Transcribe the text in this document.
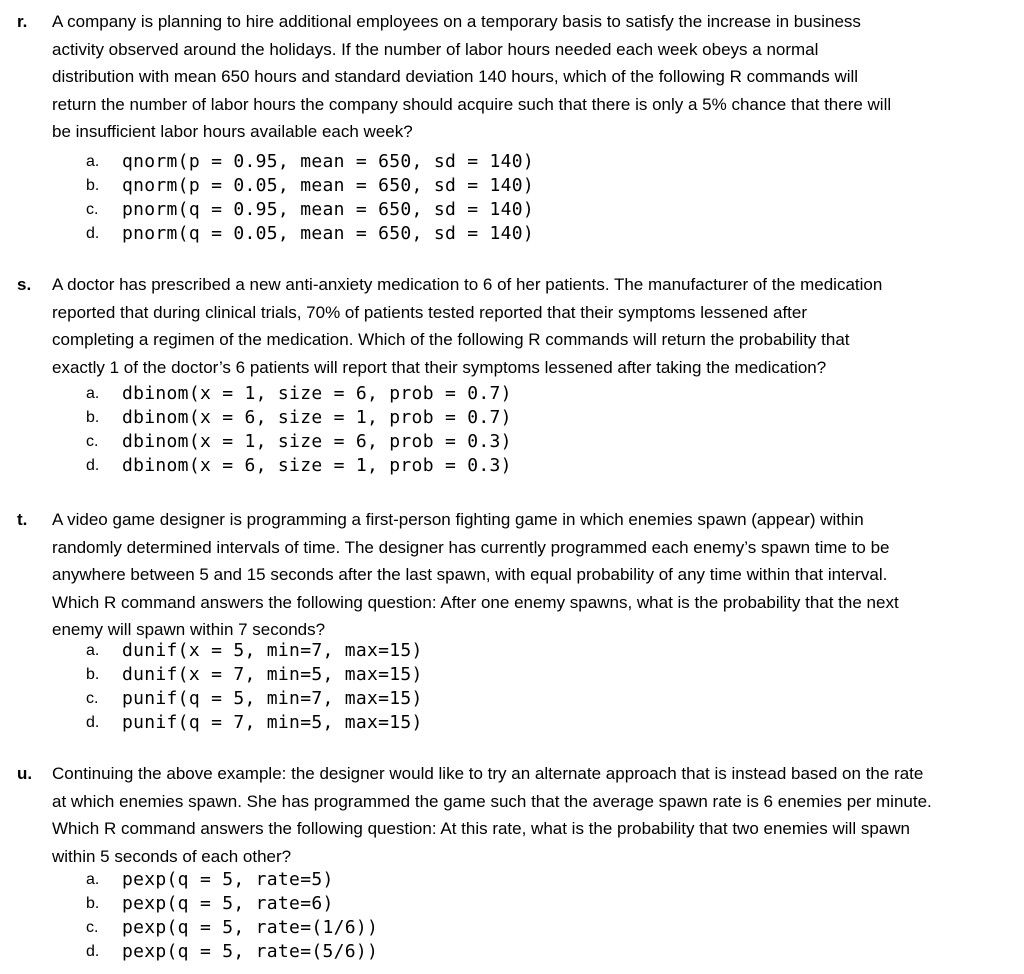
r. A company is planning to hire additional employees on a temporary basis to satisfy the increase in business
activity observed around the holidays. If the number of labor hours needed each week obeys a normal
distribution with mean 650 hours and standard deviation 140 hours, which of the following R commands will
return the number of labor hours the company should acquire such that there is only a 5% chance that there will
be insufficient labor hours available each week?
a. qnorm(p = 0.95, mean = 650, sd = 140)
b. qnorm(p = 0.05, mean = 650, sd = 140)
c. pnorm(q = 0.95, mean = 650, sd = 140)
d. pnorm(q = 0.05, mean = 650, sd = 140)
s. A doctor has prescribed a new anti-anxiety medication to 6 of her patients. The manufacturer of the medication
reported that during clinical trials, 70% of patients tested reported that their symptoms lessened after
completing a regimen of the medication. Which of the following R commands will return the probability that
exactly 1 of the doctor’s 6 patients will report that their symptoms lessened after taking the medication?
a. dbinom(x = 1, size = 6, prob = 0.7)
b. dbinom(x = 6, size = 1, prob = 0.7)
c. dbinom(x = 1, size = 6, prob = 0.3)
d. dbinom(x = 6, size = 1, prob = 0.3)
t. A video game designer is programming a first-person fighting game in which enemies spawn (appear) within
randomly determined intervals of time. The designer has currently programmed each enemy’s spawn time to be
anywhere between 5 and 15 seconds after the last spawn, with equal probability of any time within that interval.
Which R command answers the following question: After one enemy spawns, what is the probability that the next
enemy will spawn within 7 seconds?
a. dunif(x = 5, min=7, max=15)
b. dunif(x = 7, min=5, max=15)
c. punif(q = 5, min=7, max=15)
d. punif(q = 7, min=5, max=15)
u. Continuing the above example: the designer would like to try an alternate approach that is instead based on the rate
at which enemies spawn. She has programmed the game such that the average spawn rate is 6 enemies per minute.
Which R command answers the following question: At this rate, what is the probability that two enemies will spawn
within 5 seconds of each other?
a. pexp(q = 5, rate=5)
b. pexp(q = 5, rate=6)
c. pexp(q = 5, rate=(1/6))
d. pexp(q = 5, rate=(5/6))
